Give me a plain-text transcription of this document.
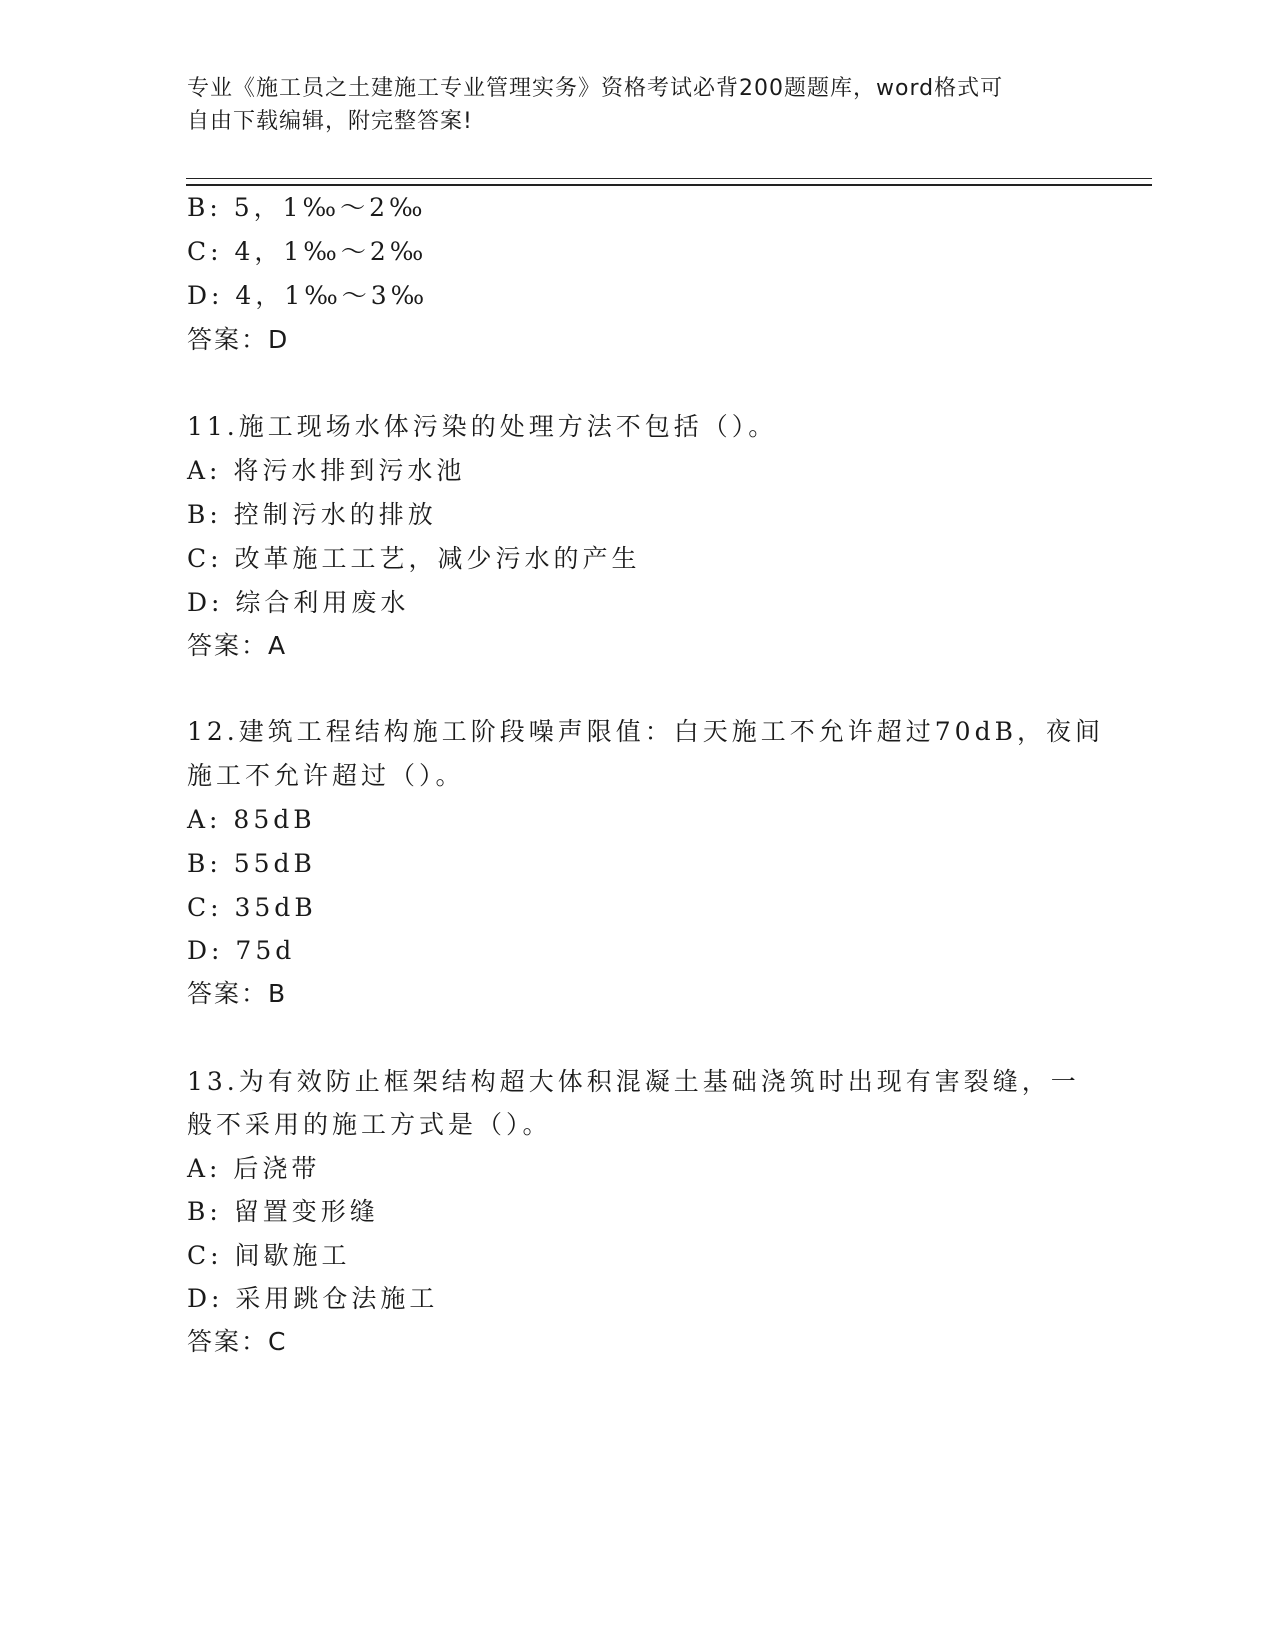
专业《施工员之土建施工专业管理实务》资格考试必背200题题库，word格式可
自由下载编辑，附完整答案!
B: 5，1‰～2‰
C: 4，1‰～2‰
D: 4，1‰～3‰
答案：D
11.施工现场水体污染的处理方法不包括（）。
A: 将污水排到污水池
B: 控制污水的排放
C: 改革施工工艺，减少污水的产生
D: 综合利用废水
答案：A
12.建筑工程结构施工阶段噪声限值：白天施工不允许超过70dB，夜间
施工不允许超过（）。
A: 85dB
B: 55dB
C: 35dB
D: 75d
答案：B
13.为有效防止框架结构超大体积混凝土基础浇筑时出现有害裂缝，一
般不采用的施工方式是（）。
A: 后浇带
B: 留置变形缝
C: 间歇施工
D: 采用跳仓法施工
答案：C
